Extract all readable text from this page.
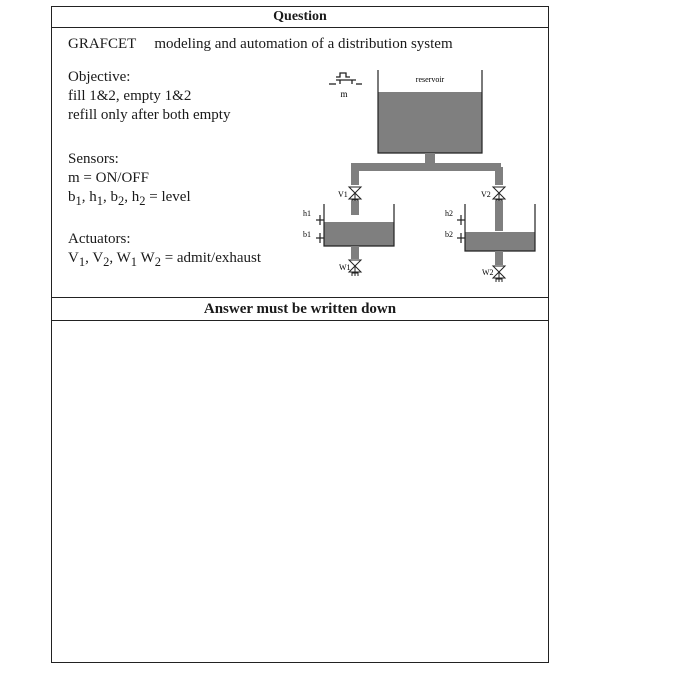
Question
GRAFCET modeling and automation of a distribution system
Objective:
fill 1&2, empty 1&2
refill only after both empty
Sensors:
m = ON/OFF
$b_1$, $h_1$, $b_2$, $h_2$ = level
Actuators:
$V_1$, $V_2$, $W_1$ $W_2$ = admit/exhaust
m
reservoir
V1	V2
h1
b1
W1
h2
b2
W2
Answer must be written down
